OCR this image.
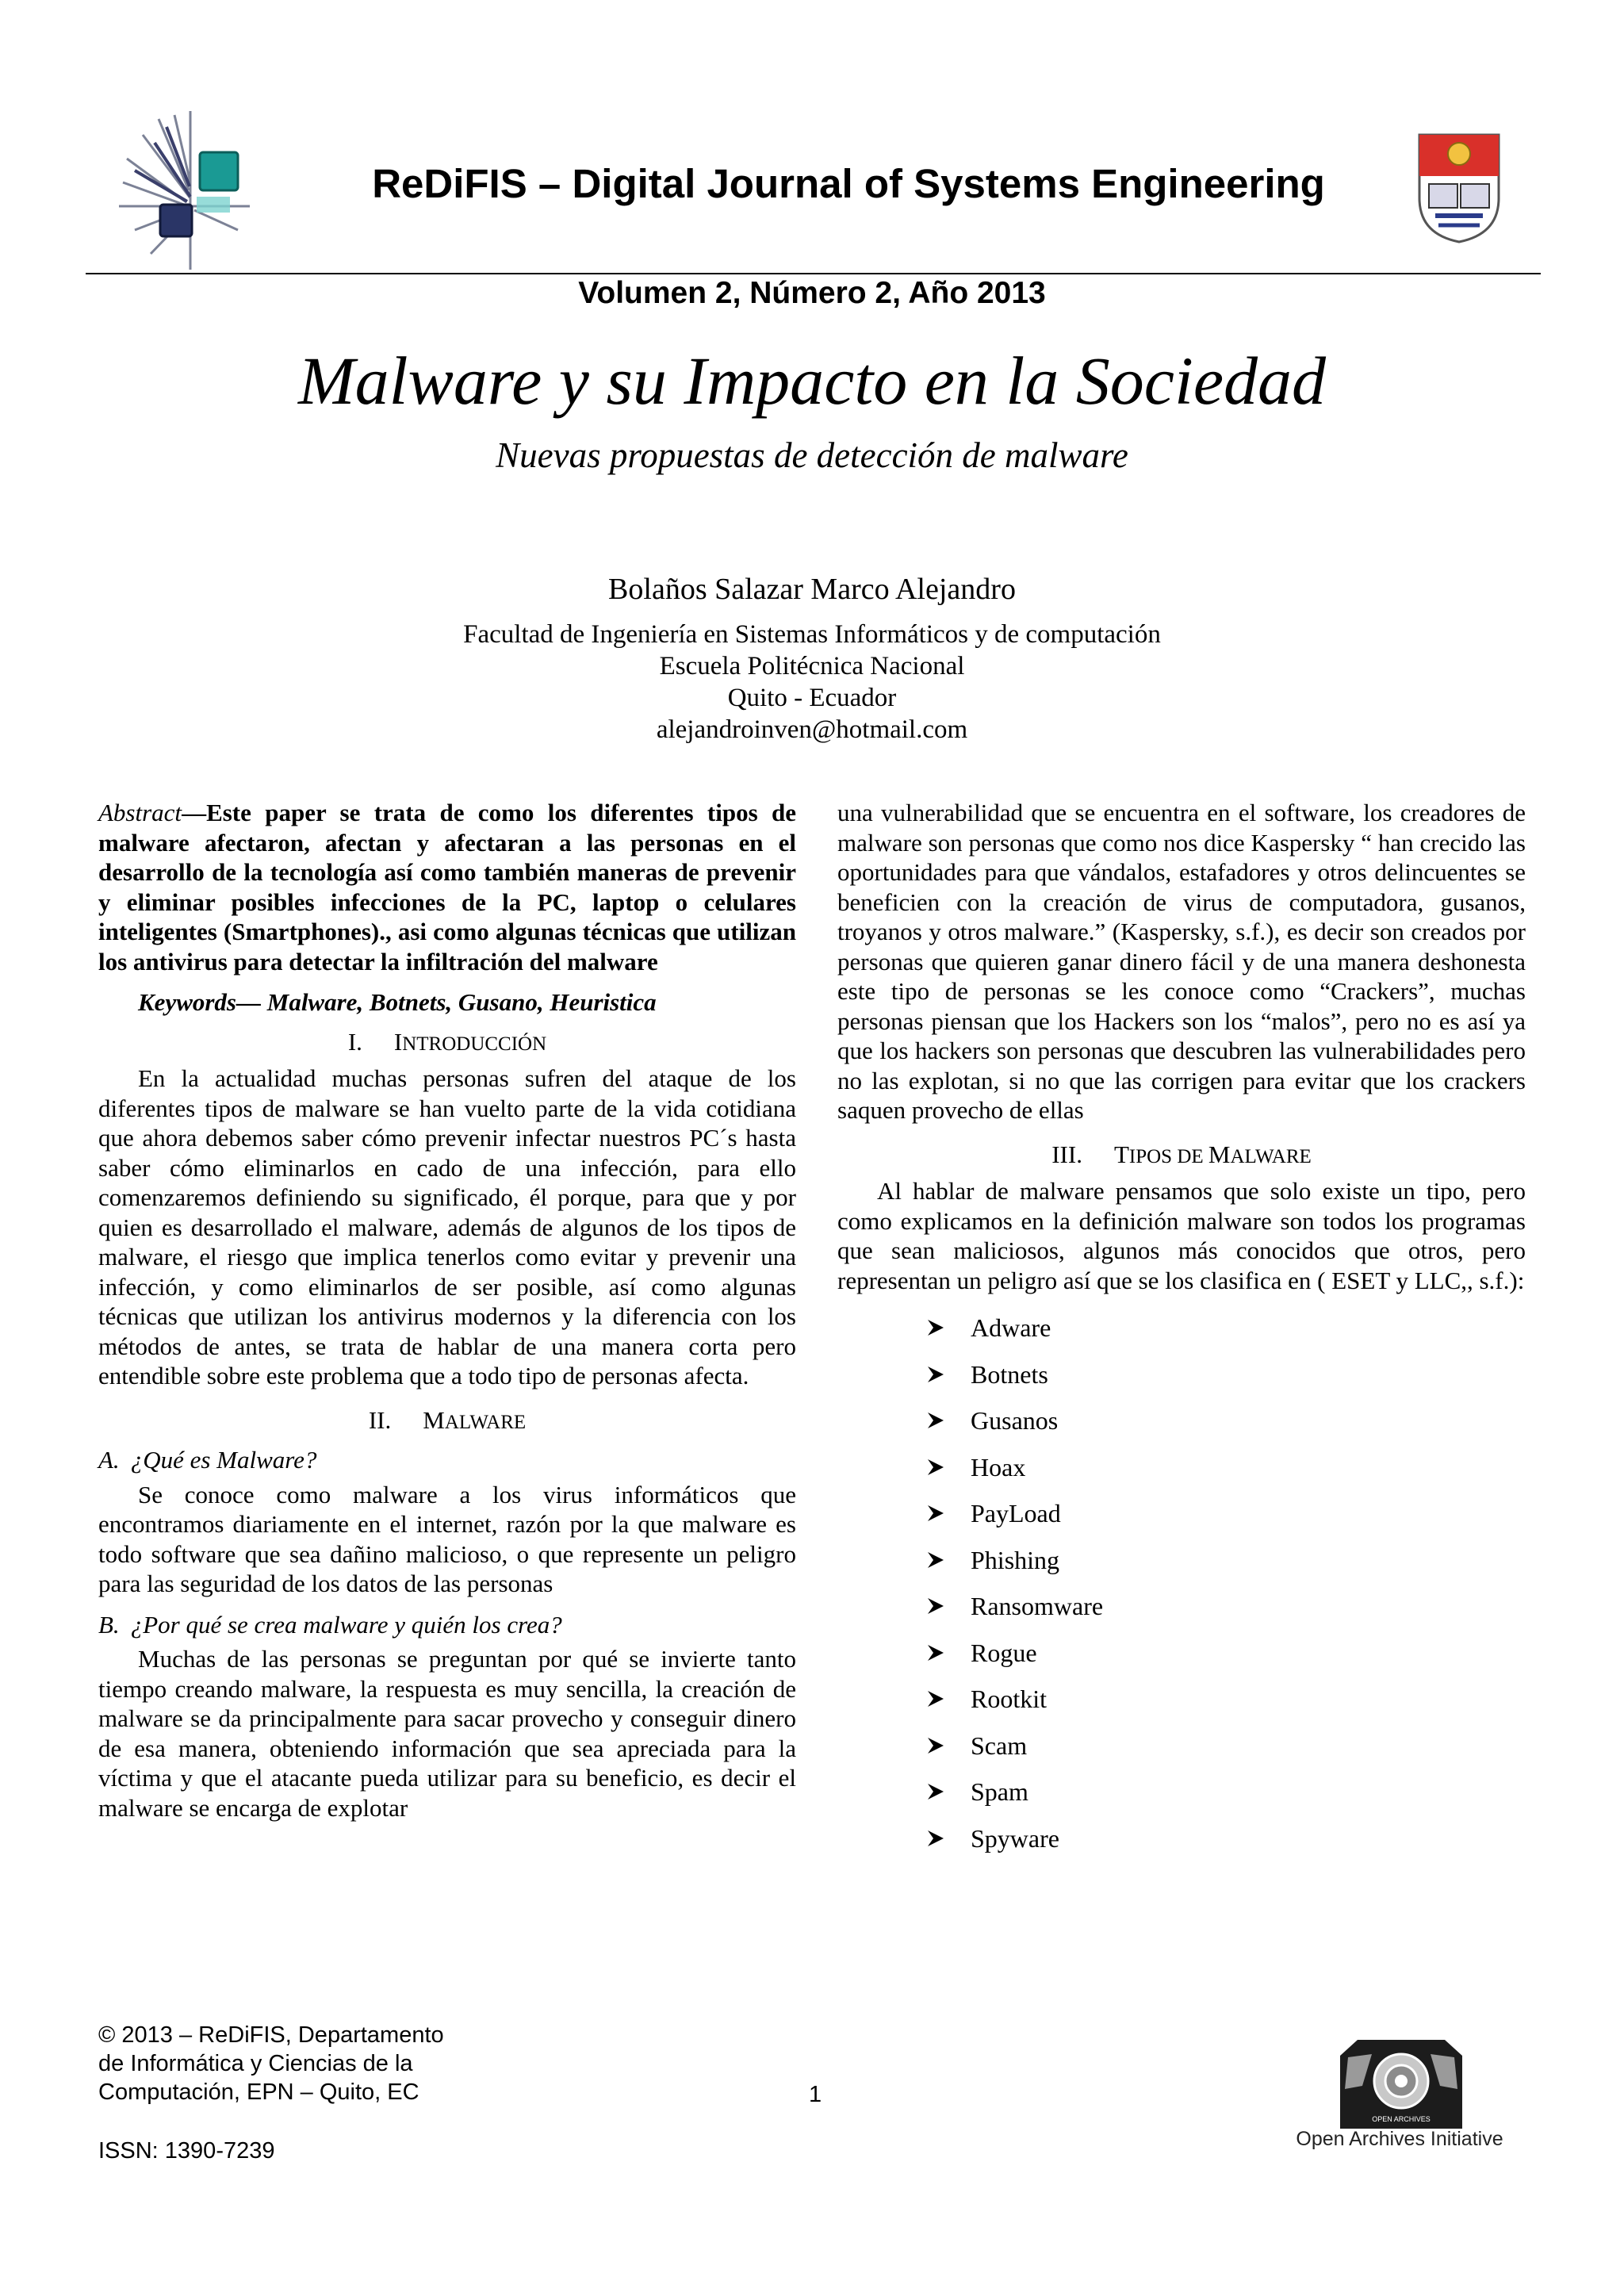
ReDiFIS – Digital Journal of Systems Engineering
Volumen 2, Número 2, Año 2013
Malware y su Impacto en la Sociedad
Nuevas propuestas de detección de malware
Bolaños Salazar Marco Alejandro
Facultad de Ingeniería en Sistemas Informáticos y de computación
Escuela Politécnica Nacional
Quito - Ecuador
alejandroinven@hotmail.com

Abstract—Este paper se trata de como los diferentes tipos de malware afectaron, afectan y afectaran a las personas en el desarrollo de la tecnología así como también maneras de prevenir y eliminar posibles infecciones de la PC, laptop o celulares inteligentes (Smartphones)., asi como algunas técnicas que utilizan los antivirus para detectar la infiltración del malware

Keywords— Malware, Botnets, Gusano, Heuristica

I. INTRODUCCIÓN

En la actualidad muchas personas sufren del ataque de los diferentes tipos de malware se han vuelto parte de la vida cotidiana que ahora debemos saber cómo prevenir infectar nuestros PC´s hasta saber cómo eliminarlos en cado de una infección, para ello comenzaremos definiendo su significado, él porque, para que y por quien es desarrollado el malware, además de algunos de los tipos de malware, el riesgo que implica tenerlos como evitar y prevenir una infección, y como eliminarlos de ser posible, así como algunas técnicas que utilizan los antivirus modernos y la diferencia con los métodos de antes, se trata de hablar de una manera corta pero entendible sobre este problema que a todo tipo de personas afecta.

II. MALWARE

A. ¿Qué es Malware?

Se conoce como malware a los virus informáticos que encontramos diariamente en el internet, razón por la que malware es todo software que sea dañino malicioso, o que represente un peligro para las seguridad de los datos de las personas

B. ¿Por qué se crea malware y quién los crea?

Muchas de las personas se preguntan por qué se invierte tanto tiempo creando malware, la respuesta es muy sencilla, la creación de malware se da principalmente para sacar provecho y conseguir dinero de esa manera, obteniendo información que sea apreciada para la víctima y que el atacante pueda utilizar para su beneficio, es decir el malware se encarga de explotar

una vulnerabilidad que se encuentra en el software, los creadores de malware son personas que como nos dice Kaspersky “ han crecido las oportunidades para que vándalos, estafadores y otros delincuentes se beneficien con la creación de virus de computadora, gusanos, troyanos y otros malware.” (Kaspersky, s.f.), es decir son creados por personas que quieren ganar dinero fácil y de una manera deshonesta este tipo de personas se les conoce como “Crackers”, muchas personas piensan que los Hackers son los “malos”, pero no es así ya que los hackers son personas que descubren las vulnerabilidades pero no las explotan, si no que las corrigen para evitar que los crackers saquen provecho de ellas

III. TIPOS DE MALWARE

Al hablar de malware pensamos que solo existe un tipo, pero como explicamos en la definición malware son todos los programas que sean maliciosos, algunos más conocidos que otros, pero representan un peligro así que se los clasifica en ( ESET y LLC,, s.f.):

Adware
Botnets
Gusanos
Hoax
PayLoad
Phishing
Ransomware
Rogue
Rootkit
Scam
Spam
Spyware
© 2013 – ReDiFIS, Departamento
de Informática y Ciencias de la
Computación, EPN – Quito, EC
ISSN: 1390-7239
1
OPEN ARCHIVES
Open Archives Initiative
